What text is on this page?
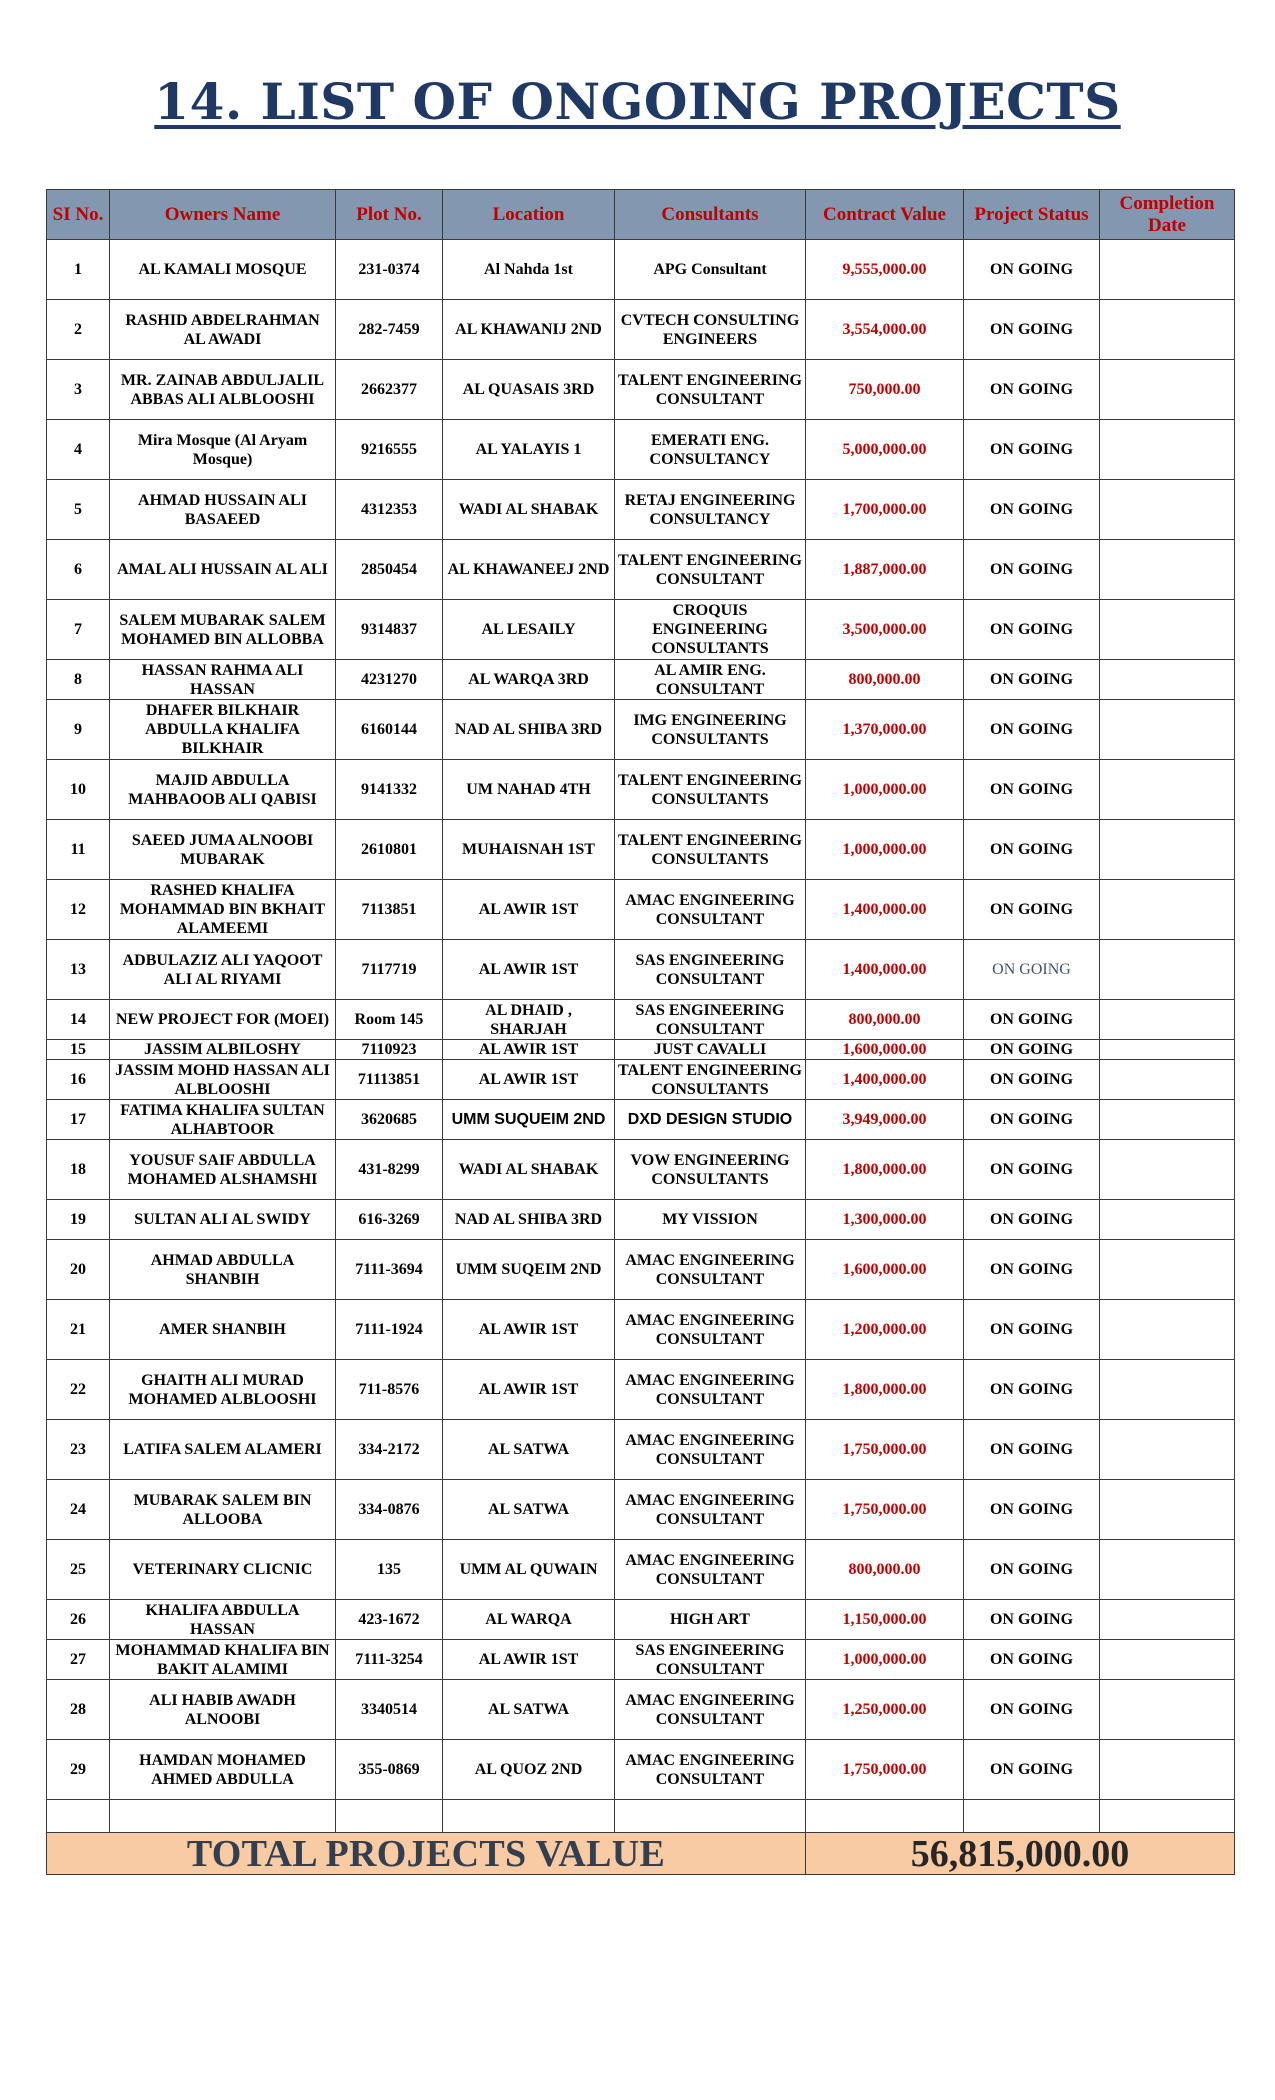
14. LIST OF ONGOING PROJECTS
SI No.	Owners Name	Plot No.	Location	Consultants	Contract Value	Project Status	Completion Date
1	AL KAMALI MOSQUE	231-0374	Al Nahda 1st	APG Consultant	9,555,000.00	ON GOING	
2	RASHID ABDELRAHMAN AL AWADI	282-7459	AL KHAWANIJ 2ND	CVTECH CONSULTING ENGINEERS	3,554,000.00	ON GOING	
3	MR. ZAINAB ABDULJALIL ABBAS ALI ALBLOOSHI	2662377	AL QUASAIS 3RD	TALENT ENGINEERING CONSULTANT	750,000.00	ON GOING	
4	Mira Mosque (Al Aryam Mosque)	9216555	AL YALAYIS 1	EMERATI ENG. CONSULTANCY	5,000,000.00	ON GOING	
5	AHMAD HUSSAIN ALI BASAEED	4312353	WADI AL SHABAK	RETAJ ENGINEERING CONSULTANCY	1,700,000.00	ON GOING	
6	AMAL ALI HUSSAIN AL ALI	2850454	AL KHAWANEEJ 2ND	TALENT ENGINEERING CONSULTANT	1,887,000.00	ON GOING	
7	SALEM MUBARAK SALEM MOHAMED BIN ALLOBBA	9314837	AL LESAILY	CROQUIS ENGINEERING CONSULTANTS	3,500,000.00	ON GOING	
8	HASSAN RAHMA ALI HASSAN	4231270	AL WARQA 3RD	AL AMIR ENG. CONSULTANT	800,000.00	ON GOING	
9	DHAFER BILKHAIR ABDULLA KHALIFA BILKHAIR	6160144	NAD AL SHIBA 3RD	IMG ENGINEERING CONSULTANTS	1,370,000.00	ON GOING	
10	MAJID ABDULLA MAHBAOOB ALI QABISI	9141332	UM NAHAD 4TH	TALENT ENGINEERING CONSULTANTS	1,000,000.00	ON GOING	
11	SAEED JUMA ALNOOBI MUBARAK	2610801	MUHAISNAH 1ST	TALENT ENGINEERING CONSULTANTS	1,000,000.00	ON GOING	
12	RASHED KHALIFA MOHAMMAD BIN BKHAIT ALAMEEMI	7113851	AL AWIR 1ST	AMAC ENGINEERING CONSULTANT	1,400,000.00	ON GOING	
13	ADBULAZIZ ALI YAQOOT ALI AL RIYAMI	7117719	AL AWIR 1ST	SAS ENGINEERING CONSULTANT	1,400,000.00	ON GOING	
14	NEW PROJECT FOR (MOEI)	Room 145	AL DHAID , SHARJAH	SAS ENGINEERING CONSULTANT	800,000.00	ON GOING	
15	JASSIM ALBILOSHY	7110923	AL AWIR 1ST	JUST CAVALLI	1,600,000.00	ON GOING	
16	JASSIM MOHD HASSAN ALI ALBLOOSHI	71113851	AL AWIR 1ST	TALENT ENGINEERING CONSULTANTS	1,400,000.00	ON GOING	
17	FATIMA KHALIFA SULTAN ALHABTOOR	3620685	UMM SUQUEIM 2ND	DXD DESIGN STUDIO	3,949,000.00	ON GOING	
18	YOUSUF SAIF ABDULLA MOHAMED ALSHAMSHI	431-8299	WADI AL SHABAK	VOW ENGINEERING CONSULTANTS	1,800,000.00	ON GOING	
19	SULTAN ALI AL SWIDY	616-3269	NAD AL SHIBA 3RD	MY VISSION	1,300,000.00	ON GOING	
20	AHMAD ABDULLA SHANBIH	7111-3694	UMM SUQEIM 2ND	AMAC ENGINEERING CONSULTANT	1,600,000.00	ON GOING	
21	AMER SHANBIH	7111-1924	AL AWIR 1ST	AMAC ENGINEERING CONSULTANT	1,200,000.00	ON GOING	
22	GHAITH ALI MURAD MOHAMED ALBLOOSHI	711-8576	AL AWIR 1ST	AMAC ENGINEERING CONSULTANT	1,800,000.00	ON GOING	
23	LATIFA SALEM ALAMERI	334-2172	AL SATWA	AMAC ENGINEERING CONSULTANT	1,750,000.00	ON GOING	
24	MUBARAK SALEM BIN ALLOOBA	334-0876	AL SATWA	AMAC ENGINEERING CONSULTANT	1,750,000.00	ON GOING	
25	VETERINARY CLICNIC	135	UMM AL QUWAIN	AMAC ENGINEERING CONSULTANT	800,000.00	ON GOING	
26	KHALIFA ABDULLA HASSAN	423-1672	AL WARQA	HIGH ART	1,150,000.00	ON GOING	
27	MOHAMMAD KHALIFA BIN BAKIT ALAMIMI	7111-3254	AL AWIR 1ST	SAS ENGINEERING CONSULTANT	1,000,000.00	ON GOING	
28	ALI HABIB AWADH ALNOOBI	3340514	AL SATWA	AMAC ENGINEERING CONSULTANT	1,250,000.00	ON GOING	
29	HAMDAN MOHAMED AHMED ABDULLA	355-0869	AL QUOZ 2ND	AMAC ENGINEERING CONSULTANT	1,750,000.00	ON GOING	

TOTAL PROJECTS VALUE					56,815,000.00		
